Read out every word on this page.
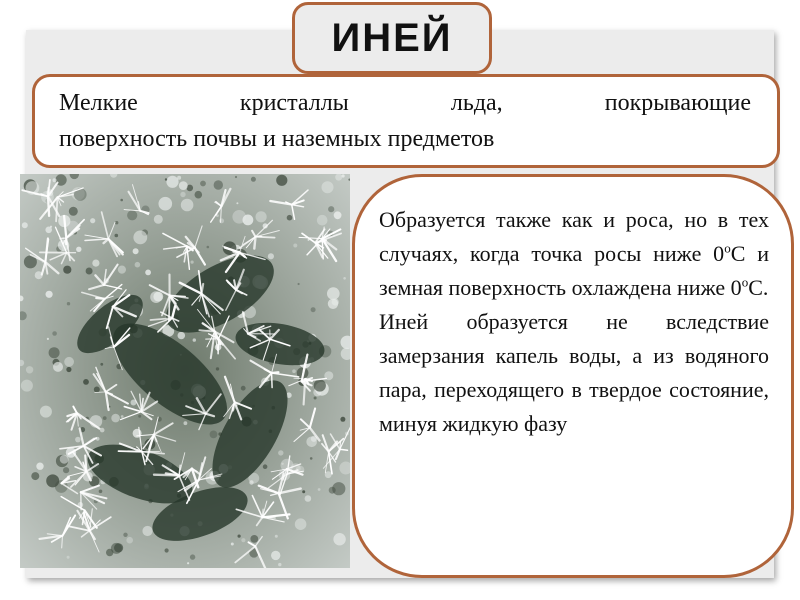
ИНЕЙ

Мелкие кристаллы льда, покрывающие

поверхность почвы и наземных предметов

Образуется также как и роса, но в тех случаях, когда точка росы ниже $0^оС$ и земная поверхность охлаждена ниже $0^оС$.

Иней образуется не вследствие замерзания капель воды, а из водяного пара, переходящего в твердое состояние, минуя жидкую фазу
